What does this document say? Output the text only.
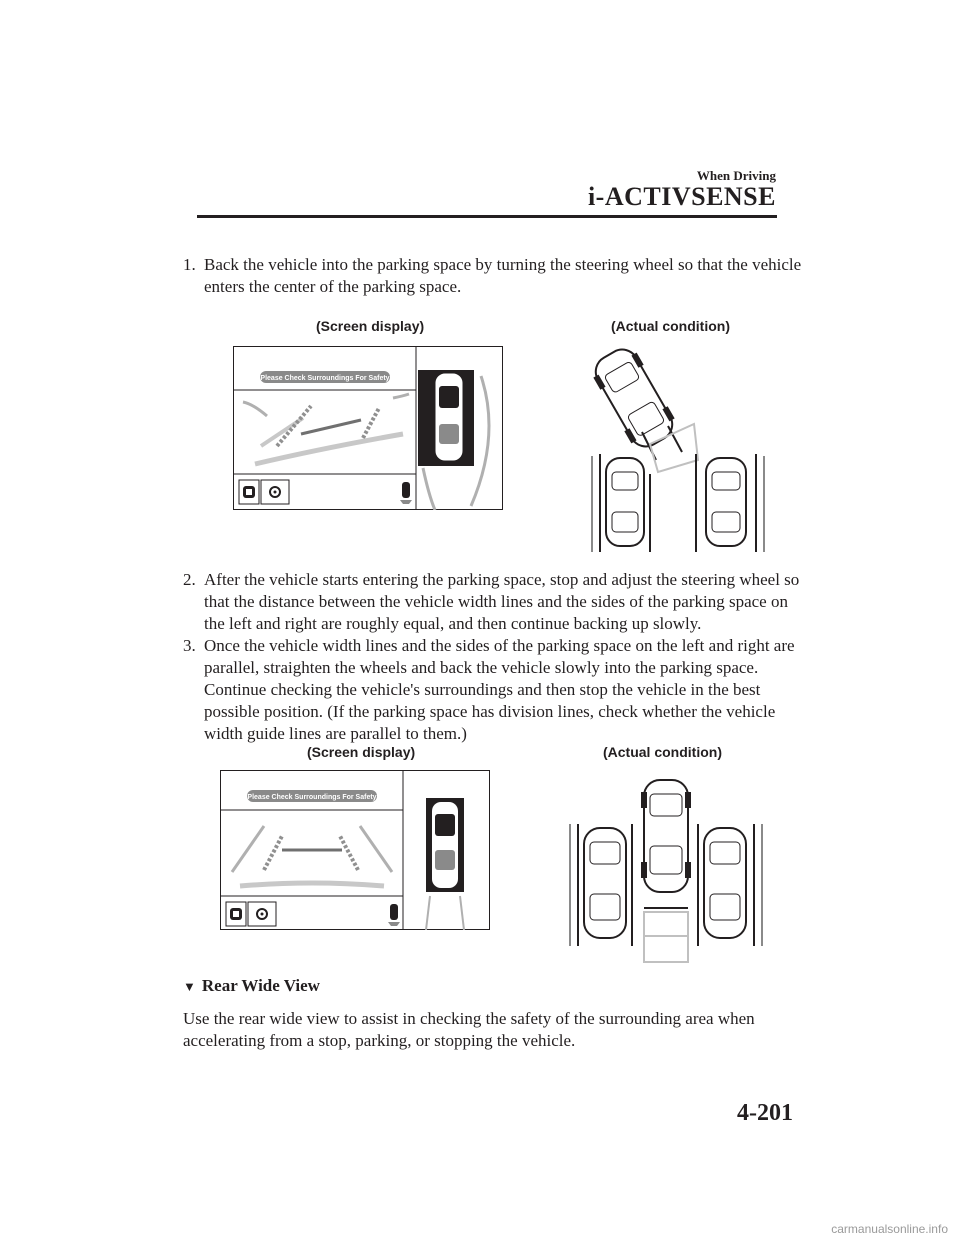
When Driving
i-ACTIVSENSE
1. Back the vehicle into the parking space by turning the steering wheel so that the vehicle
enters the center of the parking space.
(Screen display)	(Actual condition)
Please Check Surroundings For Safety
2. After the vehicle starts entering the parking space, stop and adjust the steering wheel so
that the distance between the vehicle width lines and the sides of the parking space on
the left and right are roughly equal, and then continue backing up slowly.
3. Once the vehicle width lines and the sides of the parking space on the left and right are
parallel, straighten the wheels and back the vehicle slowly into the parking space.
Continue checking the vehicle's surroundings and then stop the vehicle in the best
possible position. (If the parking space has division lines, check whether the vehicle
width guide lines are parallel to them.)
(Screen display)	(Actual condition)
Please Check Surroundings For Safety
▼ Rear Wide View
Use the rear wide view to assist in checking the safety of the surrounding area when
accelerating from a stop, parking, or stopping the vehicle.
4-201
carmanualsonline.info
